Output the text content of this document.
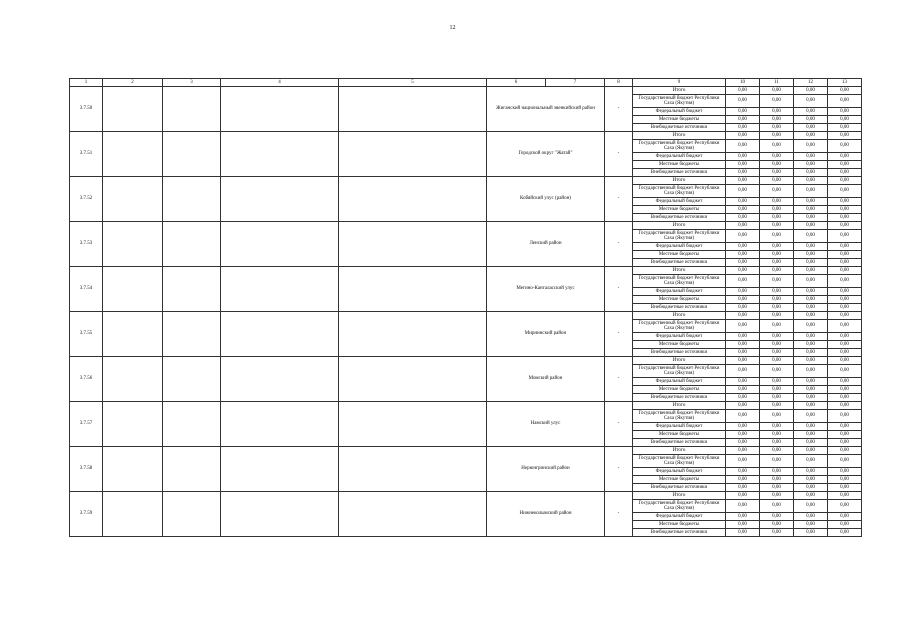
12
1	2	3	4	5	6	7	8	9	10	11	12	13
3.7.50					Жиганский национальный эвенкийский район		-	Итого	0,00	0,00	0,00	0,00
								Государственный бюджет Республики Саха (Якутия)	0,00	0,00	0,00	0,00
								Федеральный бюджет	0,00	0,00	0,00	0,00
								Местные бюджеты	0,00	0,00	0,00	0,00
								Внебюджетные источники	0,00	0,00	0,00	0,00
3.7.51					Городской округ "Жатай"		-	Итого	0,00	0,00	0,00	0,00
								Государственный бюджет Республики Саха (Якутия)	0,00	0,00	0,00	0,00
								Федеральный бюджет	0,00	0,00	0,00	0,00
								Местные бюджеты	0,00	0,00	0,00	0,00
								Внебюджетные источники	0,00	0,00	0,00	0,00
3.7.52					Кобяйский улус (район)		-	Итого	0,00	0,00	0,00	0,00
								Государственный бюджет Республики Саха (Якутия)	0,00	0,00	0,00	0,00
								Федеральный бюджет	0,00	0,00	0,00	0,00
								Местные бюджеты	0,00	0,00	0,00	0,00
								Внебюджетные источники	0,00	0,00	0,00	0,00
3.7.53					Ленский район		-	Итого	0,00	0,00	0,00	0,00
								Государственный бюджет Республики Саха (Якутия)	0,00	0,00	0,00	0,00
								Федеральный бюджет	0,00	0,00	0,00	0,00
								Местные бюджеты	0,00	0,00	0,00	0,00
								Внебюджетные источники	0,00	0,00	0,00	0,00
3.7.54					Мегино-Кангаласский улус		-	Итого	0,00	0,00	0,00	0,00
								Государственный бюджет Республики Саха (Якутия)	0,00	0,00	0,00	0,00
								Федеральный бюджет	0,00	0,00	0,00	0,00
								Местные бюджеты	0,00	0,00	0,00	0,00
								Внебюджетные источники	0,00	0,00	0,00	0,00
3.7.55					Мирнинский район		-	Итого	0,00	0,00	0,00	0,00
								Государственный бюджет Республики Саха (Якутия)	0,00	0,00	0,00	0,00
								Федеральный бюджет	0,00	0,00	0,00	0,00
								Местные бюджеты	0,00	0,00	0,00	0,00
								Внебюджетные источники	0,00	0,00	0,00	0,00
3.7.56					Момский район		-	Итого	0,00	0,00	0,00	0,00
								Государственный бюджет Республики Саха (Якутия)	0,00	0,00	0,00	0,00
								Федеральный бюджет	0,00	0,00	0,00	0,00
								Местные бюджеты	0,00	0,00	0,00	0,00
								Внебюджетные источники	0,00	0,00	0,00	0,00
3.7.57					Намский улус		-	Итого	0,00	0,00	0,00	0,00
								Государственный бюджет Республики Саха (Якутия)	0,00	0,00	0,00	0,00
								Федеральный бюджет	0,00	0,00	0,00	0,00
								Местные бюджеты	0,00	0,00	0,00	0,00
								Внебюджетные источники	0,00	0,00	0,00	0,00
3.7.58					Нерюнгринский район		-	Итого	0,00	0,00	0,00	0,00
								Государственный бюджет Республики Саха (Якутия)	0,00	0,00	0,00	0,00
								Федеральный бюджет	0,00	0,00	0,00	0,00
								Местные бюджеты	0,00	0,00	0,00	0,00
								Внебюджетные источники	0,00	0,00	0,00	0,00
3.7.59					Нижнеколымский район		-	Итого	0,00	0,00	0,00	0,00
								Государственный бюджет Республики Саха (Якутия)	0,00	0,00	0,00	0,00
								Федеральный бюджет	0,00	0,00	0,00	0,00
								Местные бюджеты	0,00	0,00	0,00	0,00
								Внебюджетные источники	0,00	0,00	0,00	0,00
